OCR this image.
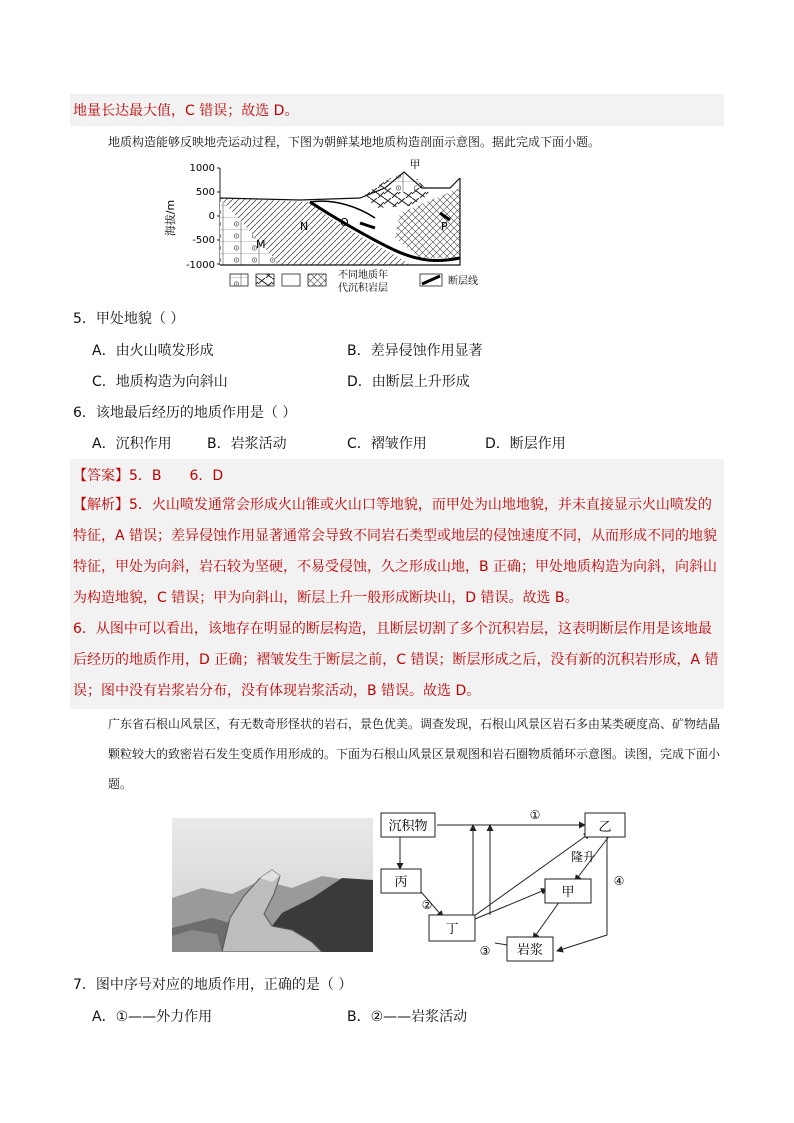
地量长达最大值，C 错误；故选 D。
地质构造能够反映地壳运动过程，下图为朝鲜某地地质构造剖面示意图。据此完成下面小题。
海拔/m
1000
500
0
-500
-1000
甲
N	O
M
P
不同地质年
代沉积岩层
断层线
5．甲处地貌（ ）
A．由火山喷发形成	B．差异侵蚀作用显著
C．地质构造为向斜山	D．由断层上升形成
6．该地最后经历的地质作用是（ ）
A．沉积作用	B．岩浆活动	C．褶皱作用	D．断层作用
【答案】5．B　　6．D
【解析】5．火山喷发通常会形成火山锥或火山口等地貌，而甲处为山地地貌，并未直接显示火山喷发的特征，A 错误；差异侵蚀作用显著通常会导致不同岩石类型或地层的侵蚀速度不同，从而形成不同的地貌特征，甲处为向斜，岩石较为坚硬，不易受侵蚀，久之形成山地，B 正确；甲处地质构造为向斜，向斜山为构造地貌，C 错误；甲为向斜山，断层上升一般形成断块山，D 错误。故选 B。
6．从图中可以看出，该地存在明显的断层构造，且断层切割了多个沉积岩层，这表明断层作用是该地最后经历的地质作用，D 正确；褶皱发生于断层之前，C 错误；断层形成之后，没有新的沉积岩形成，A 错误；图中没有岩浆岩分布，没有体现岩浆活动，B 错误。故选 D。
广东省石根山风景区，有无数奇形怪状的岩石，景色优美。调查发现，石根山风景区岩石多由某类硬度高、矿物结晶颗粒较大的致密岩石发生变质作用形成的。下面为石根山风景区景观图和岩石圈物质循环示意图。读图，完成下面小题。
沉积物	乙
丙
甲
丁
岩浆
①
②
③
④
隆升
7．图中序号对应的地质作用，正确的是（ ）
A．①——外力作用	B．②——岩浆活动
